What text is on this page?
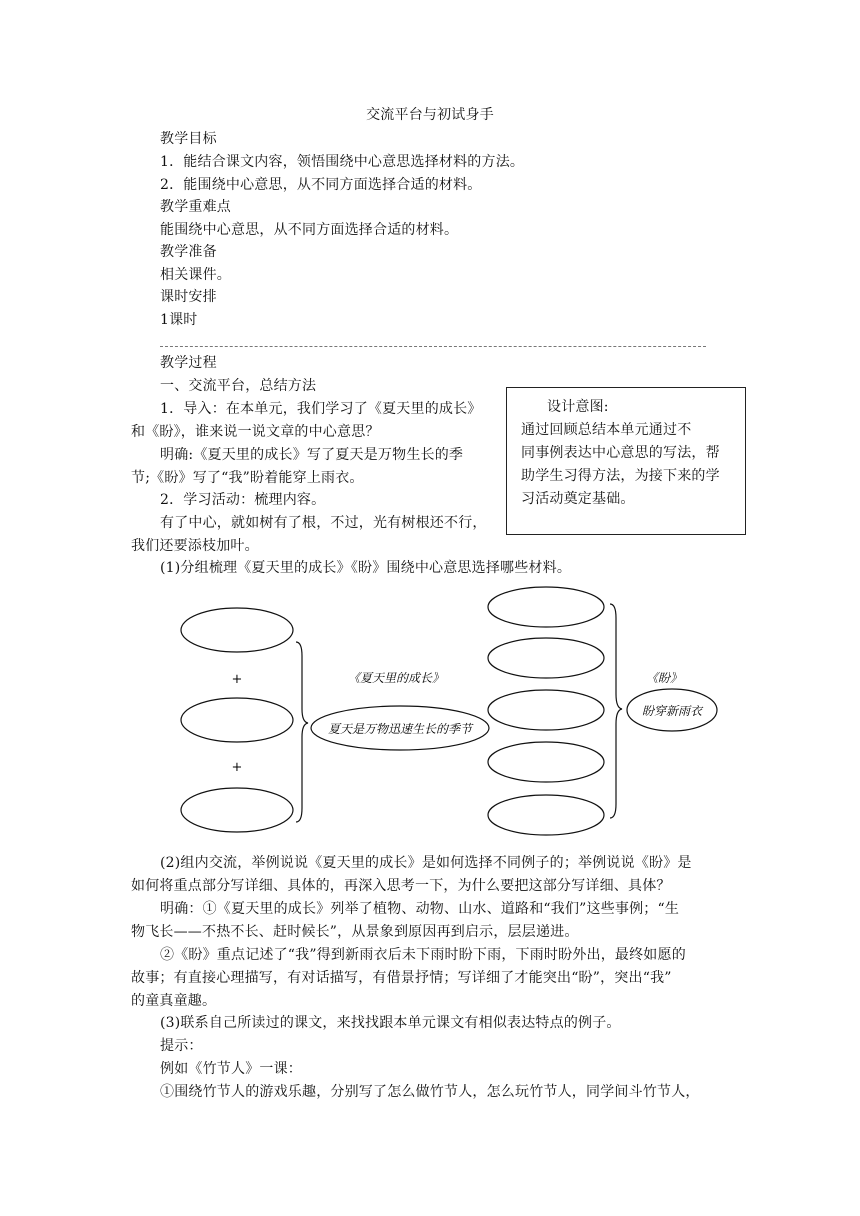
交流平台与初试身手
教学目标
1．能结合课文内容，领悟围绕中心意思选择材料的方法。
2．能围绕中心意思，从不同方面选择合适的材料。
教学重难点
能围绕中心意思，从不同方面选择合适的材料。
教学准备
相关课件。
课时安排
1课时
教学过程
一、交流平台，总结方法
1．导入：在本单元，我们学习了《夏天里的成长》
和《盼》，谁来说一说文章的中心意思？
明确:《夏天里的成长》写了夏天是万物生长的季
节;《盼》写了“我”盼着能穿上雨衣。
2．学习活动：梳理内容。
有了中心，就如树有了根，不过，光有树根还不行，
我们还要添枝加叶。
(1)分组梳理《夏天里的成长》《盼》围绕中心意思选择哪些材料。
设计意图:
通过回顾总结本单元通过不
同事例表达中心意思的写法，帮
助学生习得方法，为接下来的学
习活动奠定基础。
+
+
《夏天里的成长》
夏天是万物迅速生长的季节
《盼》
盼穿新雨衣
(2)组内交流，举例说说《夏天里的成长》是如何选择不同例子的；举例说说《盼》是
如何将重点部分写详细、具体的，再深入思考一下，为什么要把这部分写详细、具体？
明确：①《夏天里的成长》列举了植物、动物、山水、道路和“我们”这些事例；“生
物飞长——不热不长、赶时候长”，从景象到原因再到启示，层层递进。
②《盼》重点记述了“我”得到新雨衣后未下雨时盼下雨，下雨时盼外出，最终如愿的
故事；有直接心理描写，有对话描写，有借景抒情；写详细了才能突出“盼”，突出“我”
的童真童趣。
(3)联系自己所读过的课文，来找找跟本单元课文有相似表达特点的例子。
提示：
例如《竹节人》一课：
①围绕竹节人的游戏乐趣，分别写了怎么做竹节人，怎么玩竹节人，同学间斗竹节人，
